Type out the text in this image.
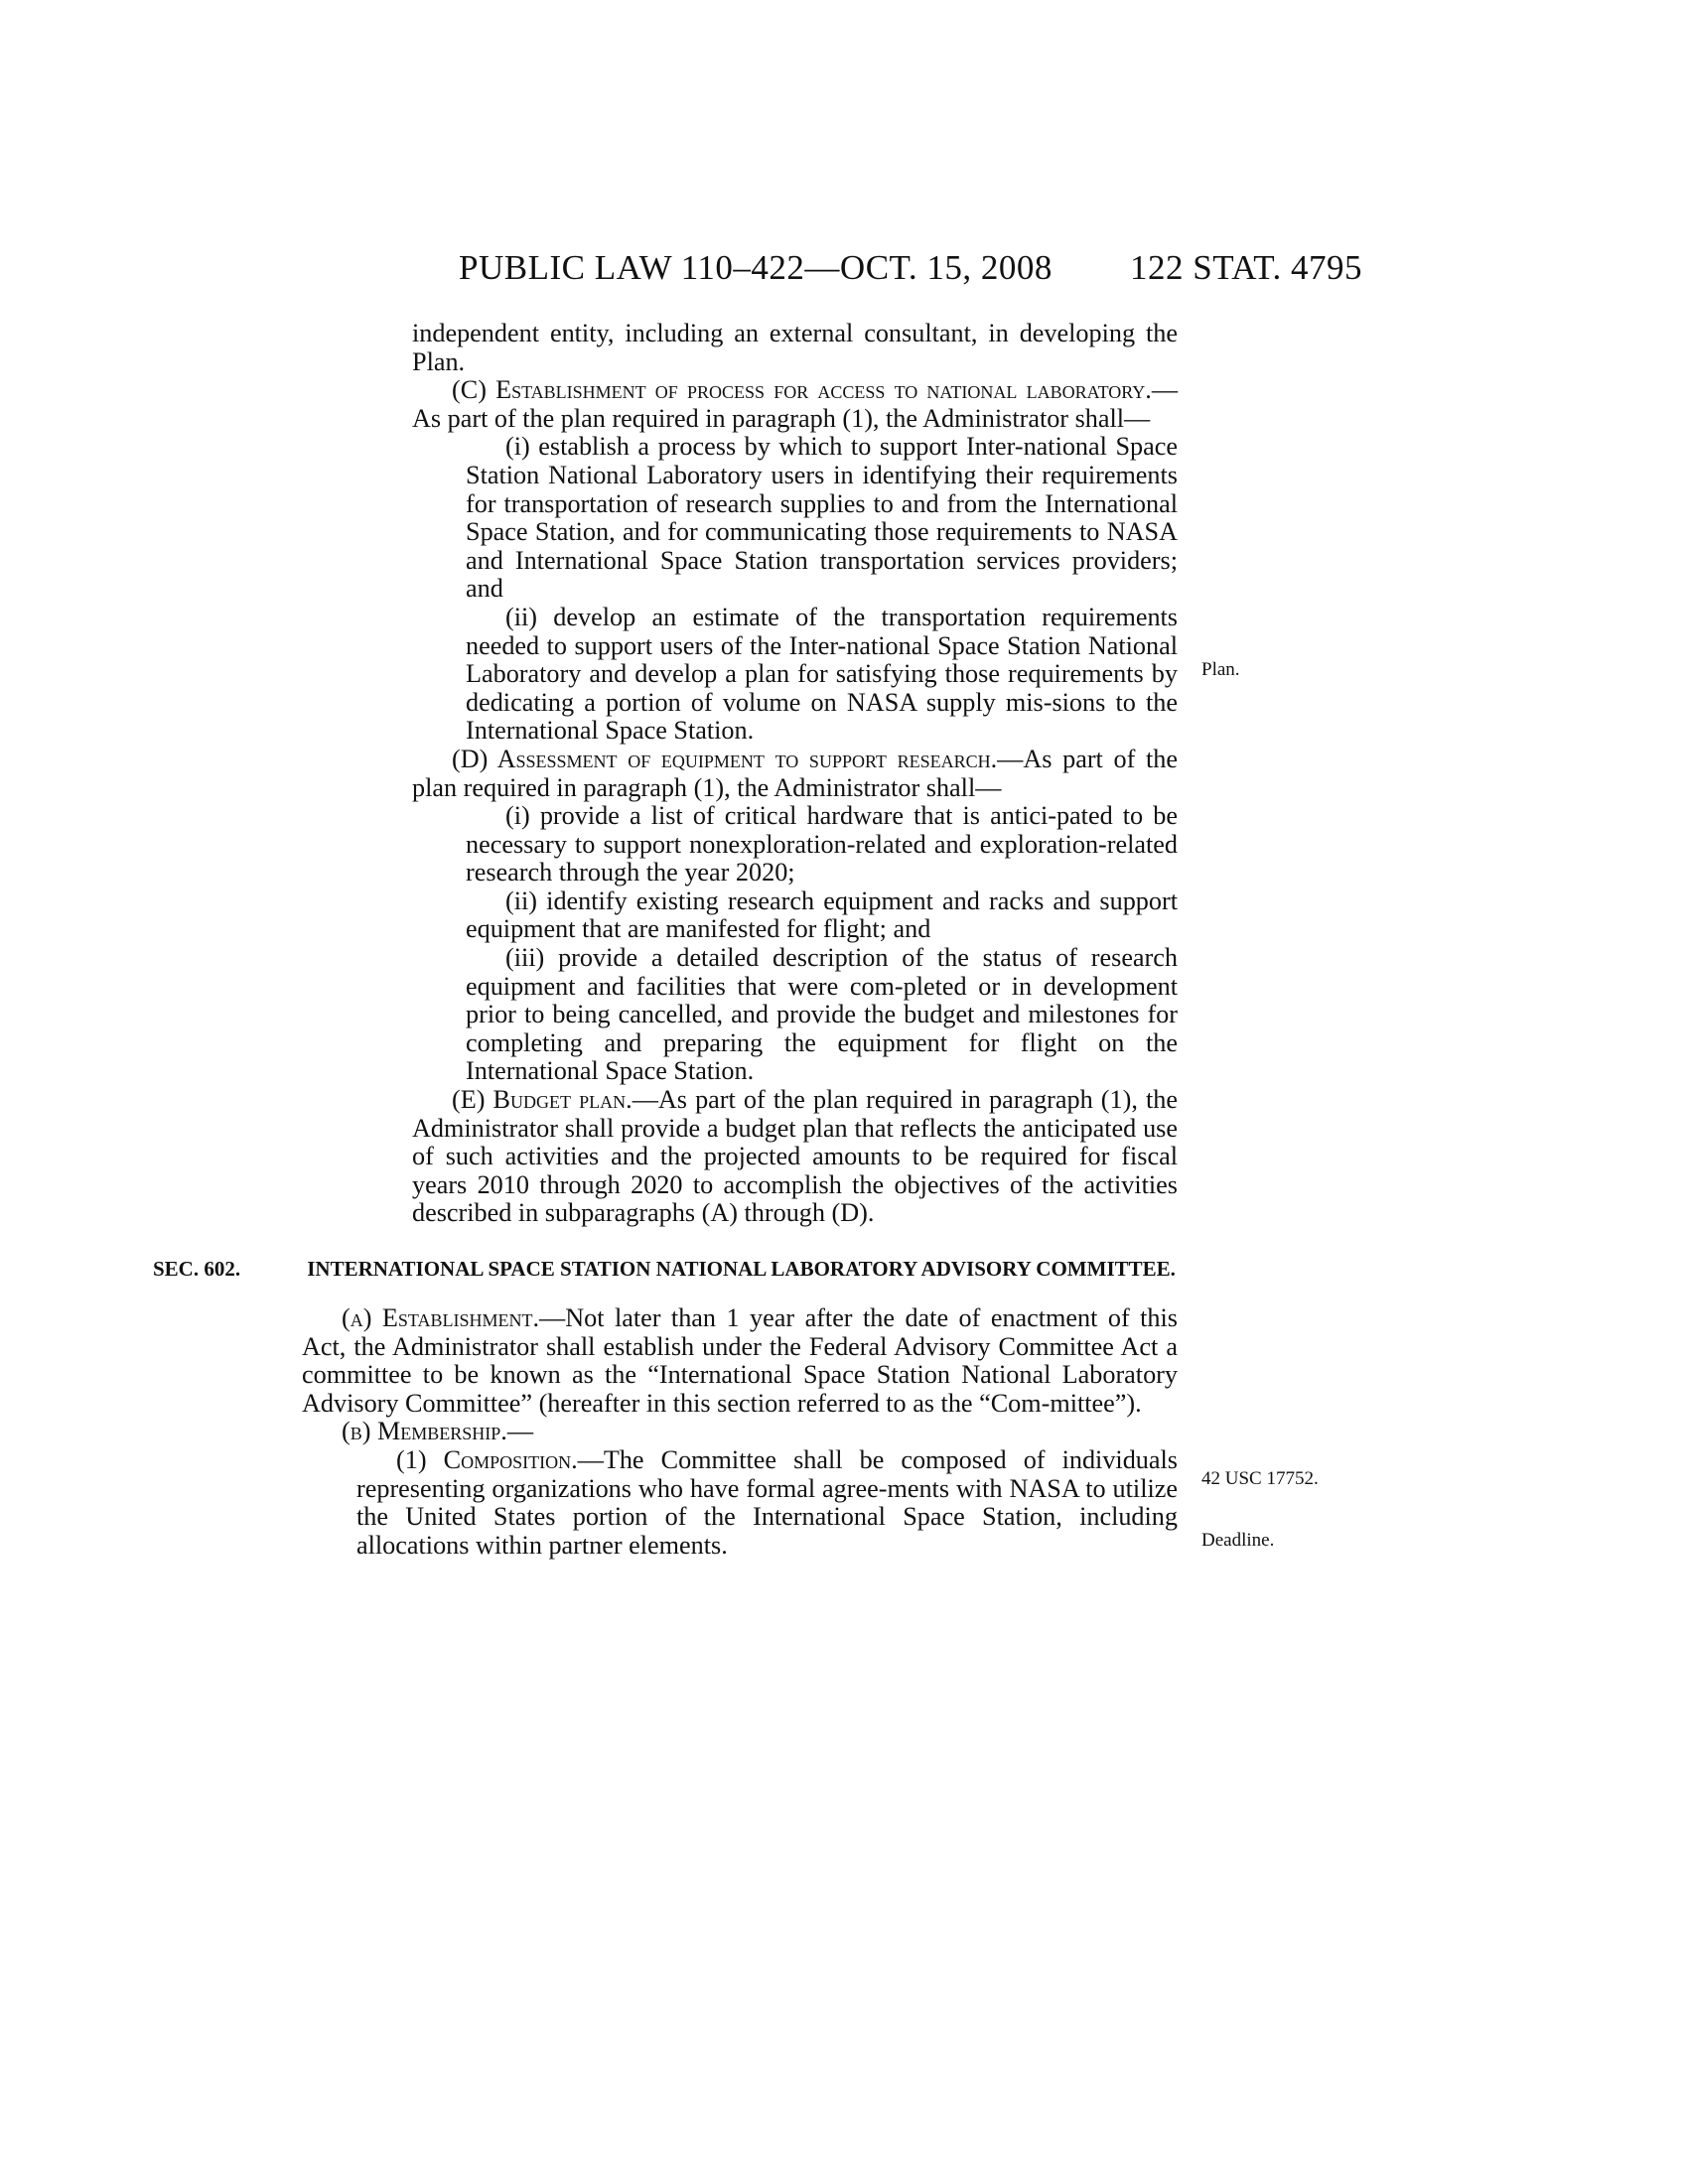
PUBLIC LAW 110–422—OCT. 15, 2008 122 STAT. 4795

independent entity, including an external consultant, in developing the Plan.

(C) Establishment of process for access to national laboratory.—As part of the plan required in paragraph (1), the Administrator shall—

(i) establish a process by which to support Inter-national Space Station National Laboratory users in identifying their requirements for transportation of research supplies to and from the International Space Station, and for communicating those requirements to NASA and International Space Station transportation services providers; and

(ii) develop an estimate of the transportation requirements needed to support users of the Inter-national Space Station National Laboratory and develop a plan for satisfying those requirements by dedicating a portion of volume on NASA supply mis-sions to the International Space Station.

(D) Assessment of equipment to support research.—As part of the plan required in paragraph (1), the Administrator shall—

(i) provide a list of critical hardware that is antici-pated to be necessary to support nonexploration-related and exploration-related research through the year 2020;

(ii) identify existing research equipment and racks and support equipment that are manifested for flight; and

(iii) provide a detailed description of the status of research equipment and facilities that were com-pleted or in development prior to being cancelled, and provide the budget and milestones for completing and preparing the equipment for flight on the International Space Station.

(E) Budget plan.—As part of the plan required in paragraph (1), the Administrator shall provide a budget plan that reflects the anticipated use of such activities and the projected amounts to be required for fiscal years 2010 through 2020 to accomplish the objectives of the activities described in subparagraphs (A) through (D).

SEC. 602.	INTERNATIONAL SPACE STATION NATIONAL LABORATORY ADVISORY COMMITTEE.

(a) Establishment.—Not later than 1 year after the date of enactment of this Act, the Administrator shall establish under the Federal Advisory Committee Act a committee to be known as the “International Space Station National Laboratory Advisory Committee” (hereafter in this section referred to as the “Com-mittee”).

(b) Membership.—

(1) Composition.—The Committee shall be composed of individuals representing organizations who have formal agree-ments with NASA to utilize the United States portion of the International Space Station, including allocations within partner elements.

Plan.
42 USC 17752.
Deadline.
